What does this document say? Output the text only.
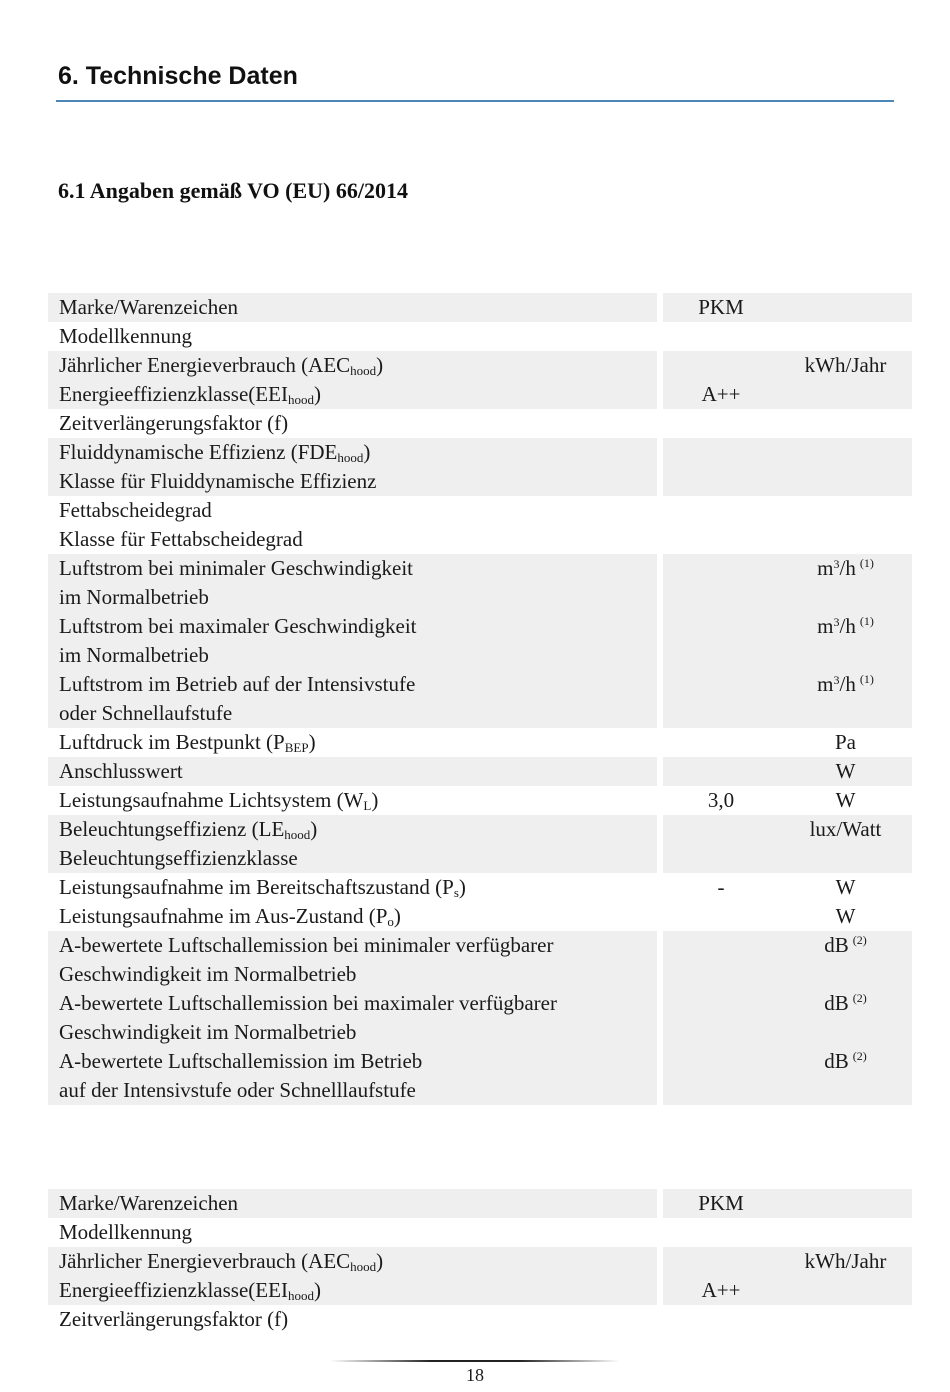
6. Technische Daten
6.1 Angaben gemäß VO (EU) 66/2014
Marke/Warenzeichen		PKM	
Modellkennung			
Jährlicher Energieverbrauch $(AEC_{hood})$			kWh/Jahr
$Energieeffizienzklasse(EEI_{hood})$		A++	
Zeitverlängerungsfaktor (f)			
Fluiddynamische Effizienz $(FDE_{hood})$
Klasse für Fluiddynamische Effizienz			
Fettabscheidegrad
Klasse für Fettabscheidegrad			
Luftstrom bei minimaler Geschwindigkeit
im Normalbetrieb			$m^3/h$ $^{(1)}$
Luftstrom bei maximaler Geschwindigkeit
im Normalbetrieb			$m^3/h$ $^{(1)}$
Luftstrom im Betrieb auf der Intensivstufe
oder Schnellaufstufe			$m^3/h$ $^{(1)}$
Luftdruck im Bestpunkt $(P_{BEP})$			Pa
Anschlusswert			W
Leistungsaufnahme Lichtsystem $(W_L)$		3,0	W
Beleuchtungseffizienz $(LE_{hood})$
Beleuchtungseffizienzklasse			lux/Watt
Leistungsaufnahme im Bereitschaftszustand $(P_s)$		-	W
Leistungsaufnahme im Aus-Zustand $(P_o)$			W
A-bewertete Luftschallemission bei minimaler verfügbarer
Geschwindigkeit im Normalbetrieb			dB $^{(2)}$
A-bewertete Luftschallemission bei maximaler verfügbarer
Geschwindigkeit im Normalbetrieb			dB $^{(2)}$
A-bewertete Luftschallemission im Betrieb
auf der Intensivstufe oder Schnelllaufstufe			dB $^{(2)}$
Marke/Warenzeichen		PKM	
Modellkennung			
Jährlicher Energieverbrauch $(AEC_{hood})$			kWh/Jahr
$Energieeffizienzklasse(EEI_{hood})$		A++	
Zeitverlängerungsfaktor (f)			
18
